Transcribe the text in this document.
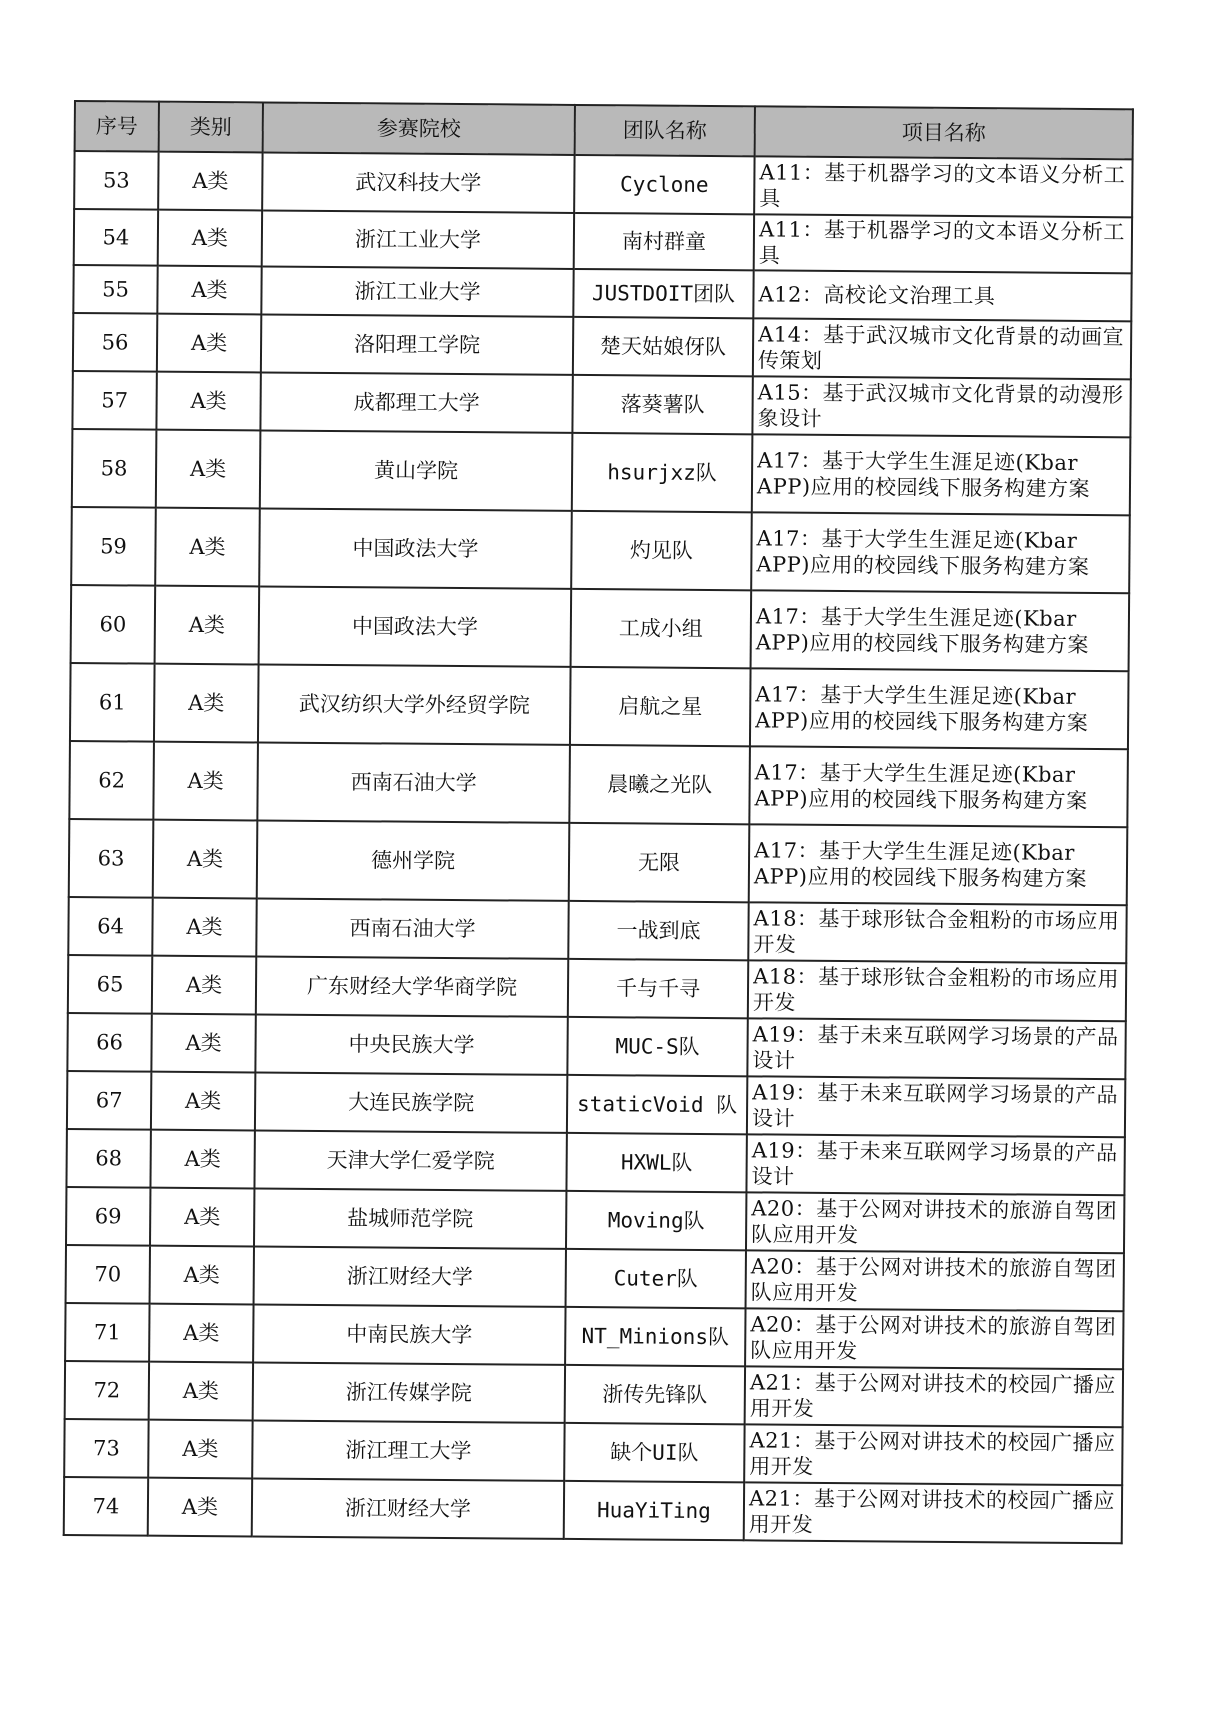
序号	类别	参赛院校	团队名称	项目名称
53	A类	武汉科技大学	Cyclone	A11：基于机器学习的文本语义分析工具
54	A类	浙江工业大学	南村群童	A11：基于机器学习的文本语义分析工具
55	A类	浙江工业大学	JUSTDOIT团队	A12：高校论文治理工具
56	A类	洛阳理工学院	楚天姑娘伢队	A14：基于武汉城市文化背景的动画宣传策划
57	A类	成都理工大学	落葵薯队	A15：基于武汉城市文化背景的动漫形象设计
58	A类	黄山学院	hsurjxz队	A17：基于大学生生涯足迹(Kbar APP)应用的校园线下服务构建方案
59	A类	中国政法大学	灼见队	A17：基于大学生生涯足迹(Kbar APP)应用的校园线下服务构建方案
60	A类	中国政法大学	工成小组	A17：基于大学生生涯足迹(Kbar APP)应用的校园线下服务构建方案
61	A类	武汉纺织大学外经贸学院	启航之星	A17：基于大学生生涯足迹(Kbar APP)应用的校园线下服务构建方案
62	A类	西南石油大学	晨曦之光队	A17：基于大学生生涯足迹(Kbar APP)应用的校园线下服务构建方案
63	A类	德州学院	无限	A17：基于大学生生涯足迹(Kbar APP)应用的校园线下服务构建方案
64	A类	西南石油大学	一战到底	A18：基于球形钛合金粗粉的市场应用开发
65	A类	广东财经大学华商学院	千与千寻	A18：基于球形钛合金粗粉的市场应用开发
66	A类	中央民族大学	MUC-S队	A19：基于未来互联网学习场景的产品设计
67	A类	大连民族学院	staticVoid 队	A19：基于未来互联网学习场景的产品设计
68	A类	天津大学仁爱学院	HXWL队	A19：基于未来互联网学习场景的产品设计
69	A类	盐城师范学院	Moving队	A20：基于公网对讲技术的旅游自驾团队应用开发
70	A类	浙江财经大学	Cuter队	A20：基于公网对讲技术的旅游自驾团队应用开发
71	A类	中南民族大学	NT_Minions队	A20：基于公网对讲技术的旅游自驾团队应用开发
72	A类	浙江传媒学院	浙传先锋队	A21：基于公网对讲技术的校园广播应用开发
73	A类	浙江理工大学	缺个UI队	A21：基于公网对讲技术的校园广播应用开发
74	A类	浙江财经大学	HuaYiTing	A21：基于公网对讲技术的校园广播应用开发
